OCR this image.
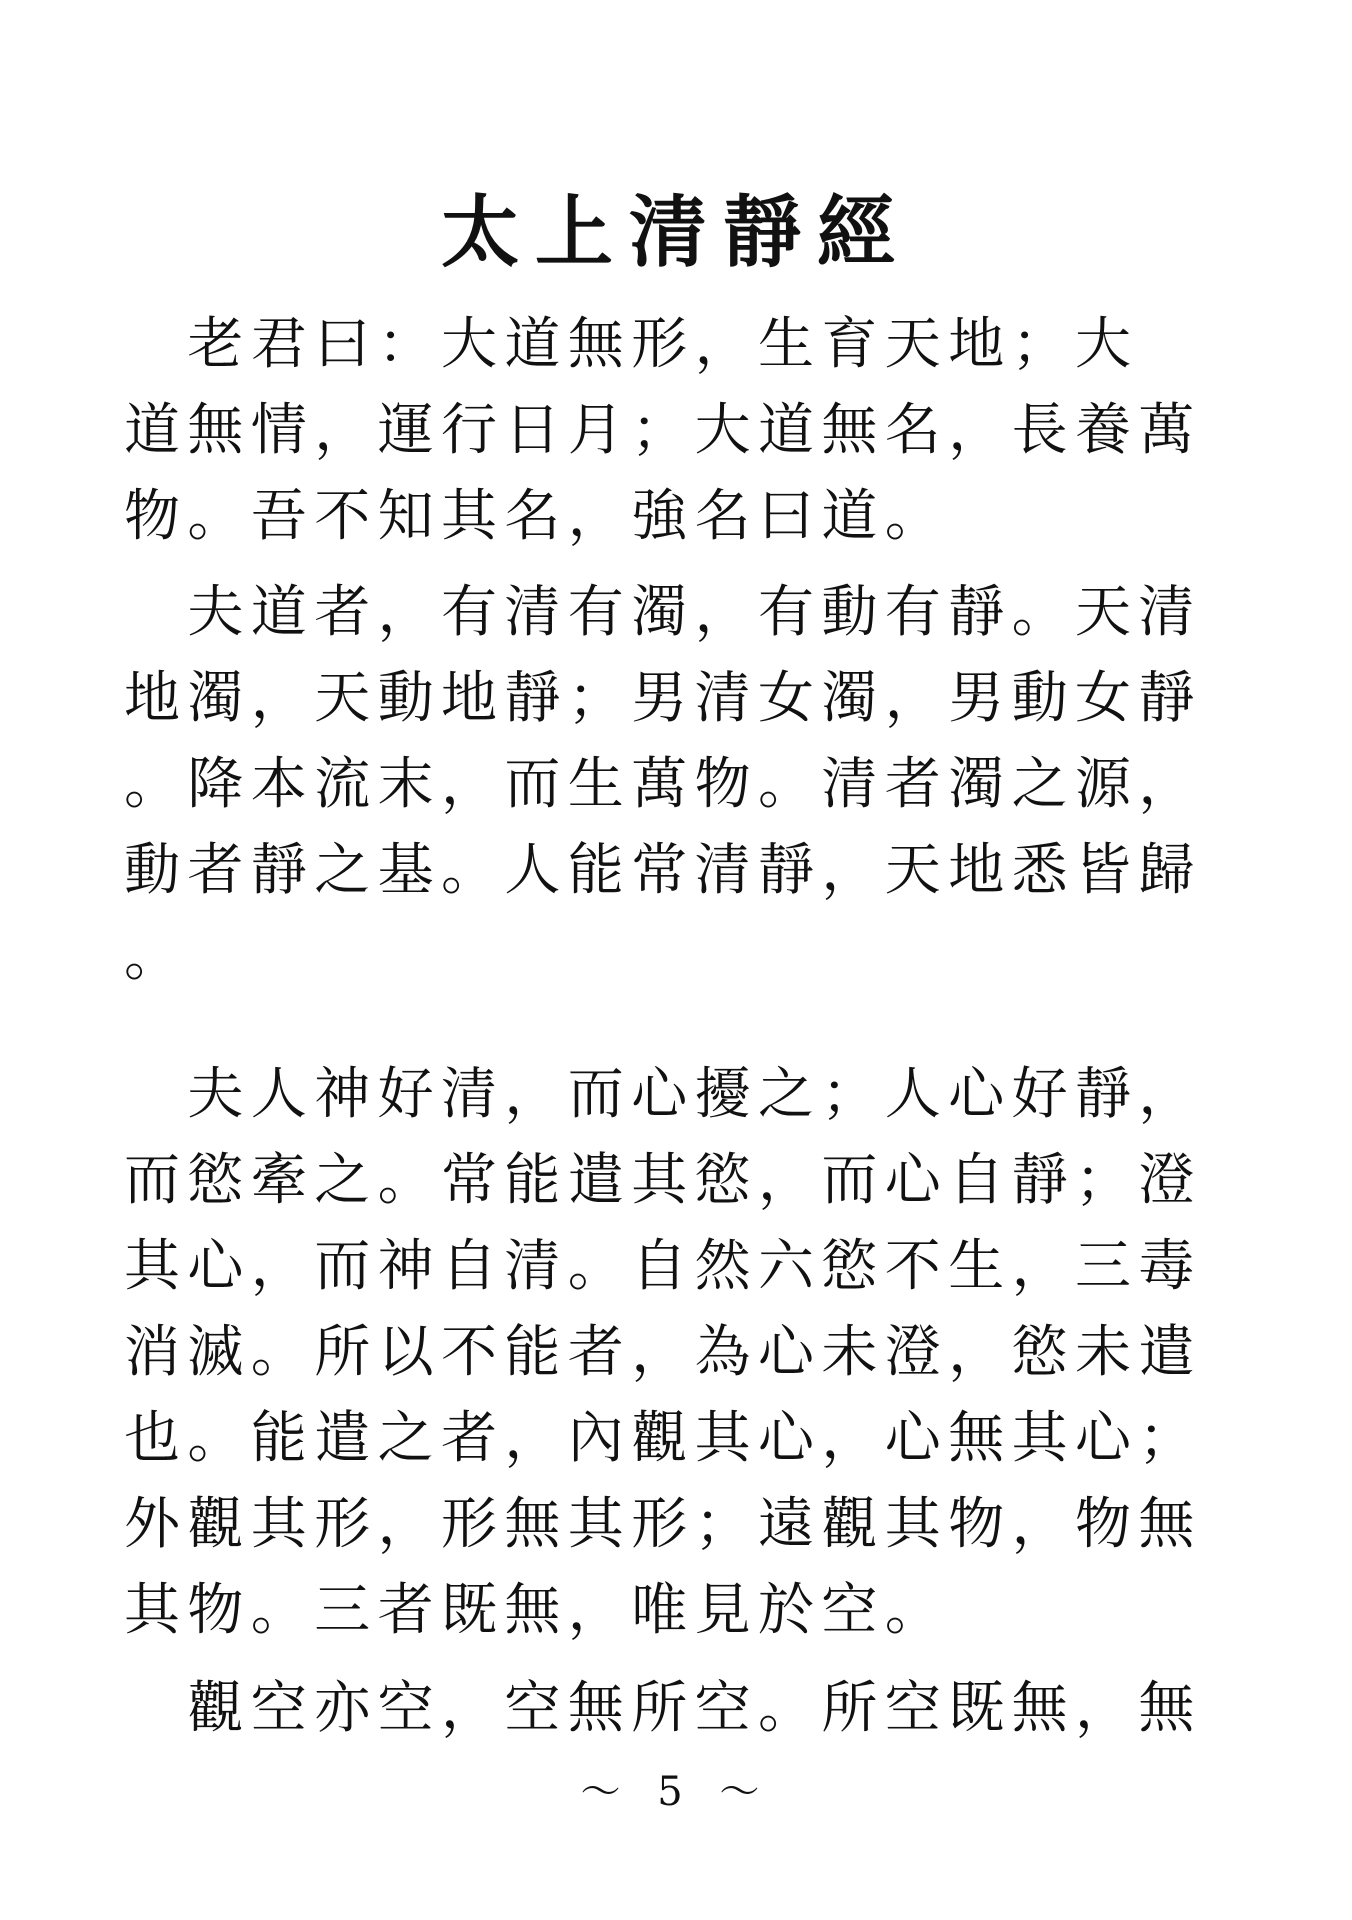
太上清靜經
　老君曰：大道無形，生育天地；大
道無情，運行日月；大道無名，長養萬
物。吾不知其名，強名曰道。
　夫道者，有清有濁，有動有靜。天清
地濁，天動地靜；男清女濁，男動女靜
。降本流末，而生萬物。清者濁之源，
動者靜之基。人能常清靜，天地悉皆歸
。
　夫人神好清，而心擾之；人心好靜，
而慾牽之。常能遣其慾，而心自靜；澄
其心，而神自清。自然六慾不生，三毒
消滅。所以不能者，為心未澄，慾未遣
也。能遣之者，內觀其心，心無其心；
外觀其形，形無其形；遠觀其物，物無
其物。三者既無，唯見於空。
　觀空亦空，空無所空。所空既無，無
～ 5 ～
